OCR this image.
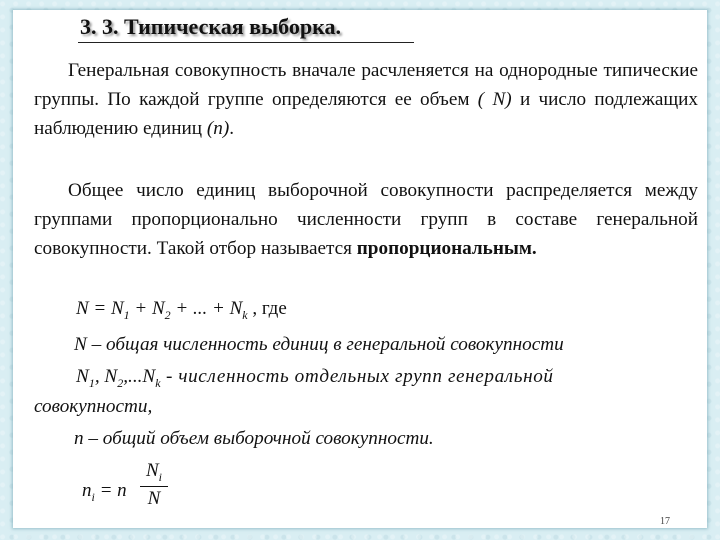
3. 3. Типическая выборка.
Генеральная совокупность вначале расчленяется на однородные типические группы. По каждой группе определяются ее объем ( N) и число подлежащих наблюдению единиц (n).
Общее число единиц выборочной совокупности распределяется между группами пропорционально численности групп в составе генеральной совокупности. Такой отбор называется пропорциональным.
$N = N_1 + N_2$ + ... + $N_k$ , где
N – общая численность единиц в генеральной совокупности
$N_1$, $N_2,...N_k$ - численность отдельных групп генеральной
совокупности,
n – общий объем выборочной совокупности.
$n_i = n$
$N_i$
N
17
